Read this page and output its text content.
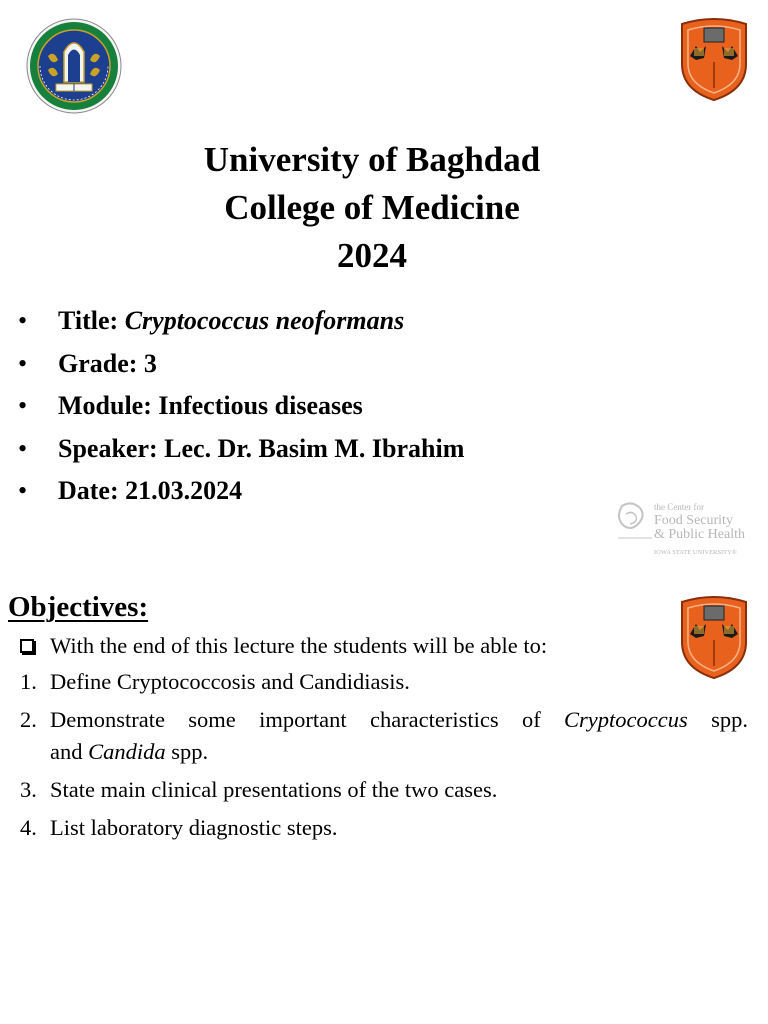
University of Baghdad
College of Medicine
2024
• Title: Cryptococcus neoformans
• Grade: 3
• Module: Infectious diseases
• Speaker: Lec. Dr. Basim M. Ibrahim
• Date: 21.03.2024
the Center for
Food Security
& Public Health
IOWA STATE UNIVERSITY®
Objectives:
With the end of this lecture the students will be able to:
1. Define Cryptococcosis and Candidiasis.
2. Demonstrate some important characteristics of Cryptococcus spp.
and Candida spp.
3. State main clinical presentations of the two cases.
4. List laboratory diagnostic steps.
